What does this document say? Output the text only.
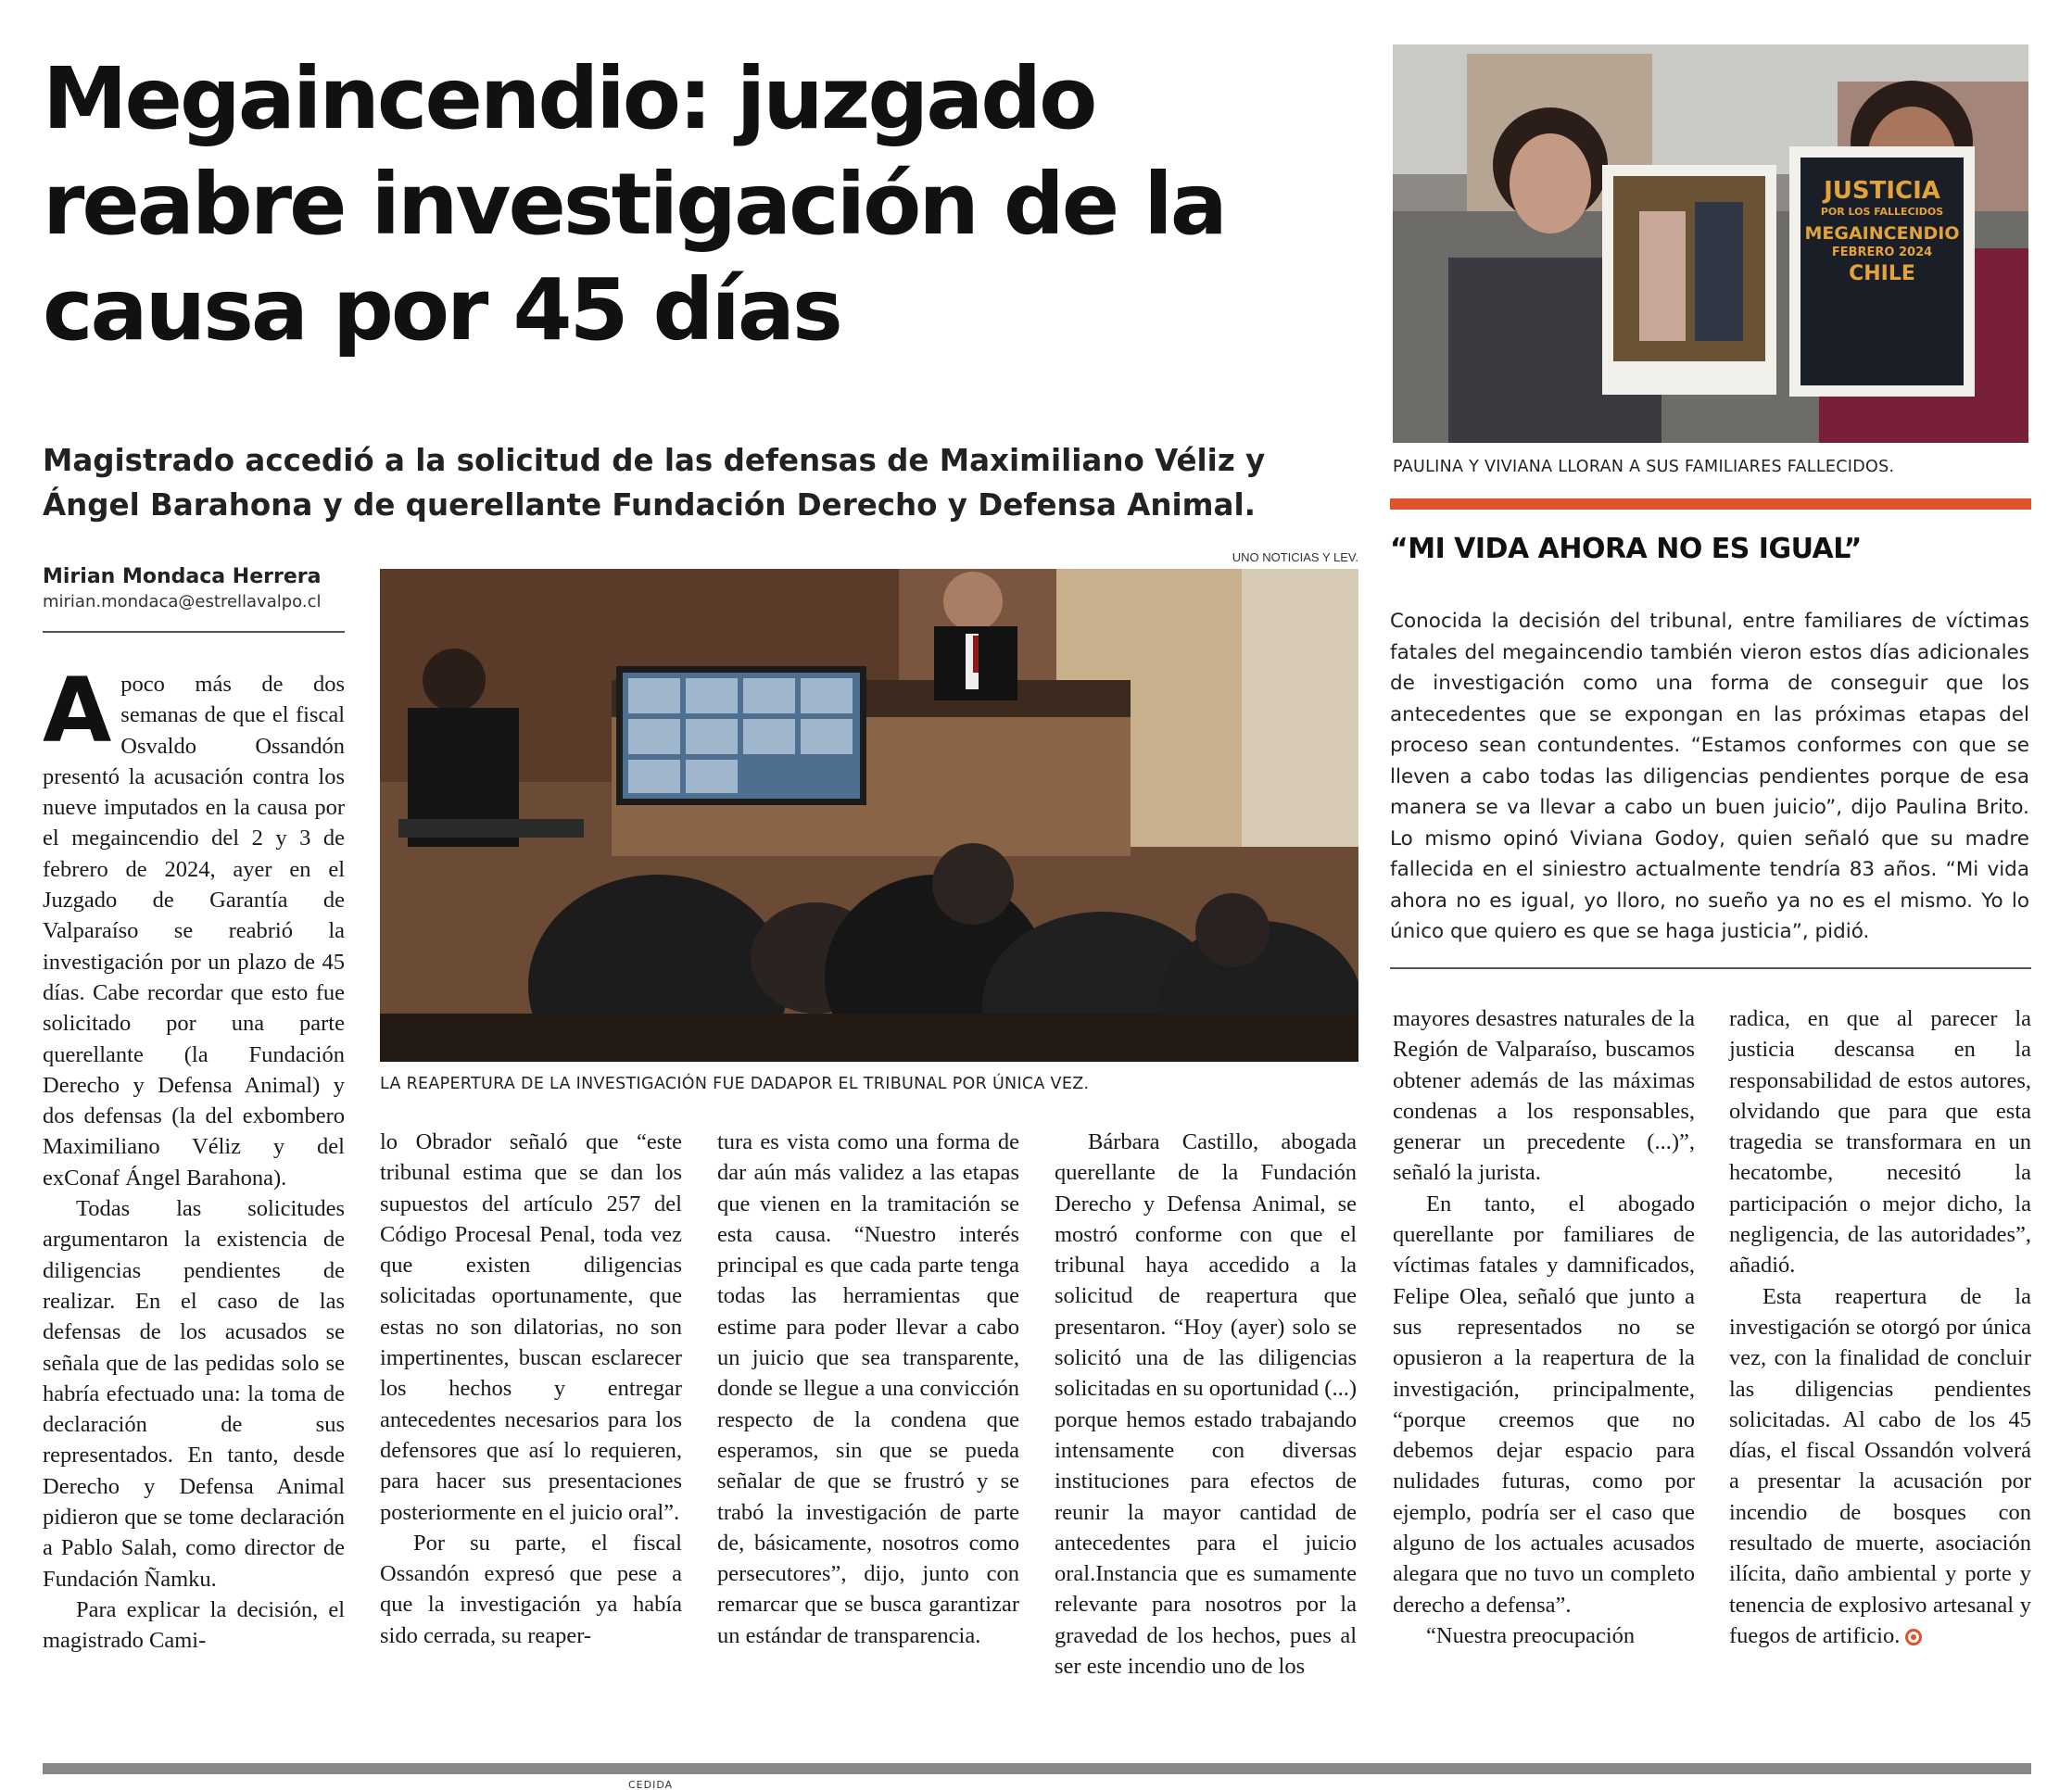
Megaincendio: juzgado reabre investigación de la causa por 45 días
Magistrado accedió a la solicitud de las defensas de Maximiliano Véliz y Ángel Barahona y de querellante Fundación Derecho y Defensa Animal.
Mirian Mondaca Herrera
mirian.mondaca@estrellavalpo.cl
UNO NOTICIAS Y LEV.
LA REAPERTURA DE LA INVESTIGACIÓN FUE DADAPOR EL TRIBUNAL POR ÚNICA VEZ.
JUSTICIA
POR LOS FALLECIDOS
MEGAINCENDIO
FEBRERO 2024
CHILE
PAULINA Y VIVIANA LLORAN A SUS FAMILIARES FALLECIDOS.
“MI VIDA AHORA NO ES IGUAL”
Conocida la decisión del tribunal, entre familiares de víctimas fatales del megaincendio también vieron estos días adicionales de investigación como una forma de conseguir que los antecedentes que se expongan en las próximas etapas del proceso sean contundentes. “Estamos conformes con que se lleven a cabo todas las diligencias pendientes porque de esa manera se va llevar a cabo un buen juicio”, dijo Paulina Brito. Lo mismo opinó Viviana Godoy, quien señaló que su madre fallecida en el siniestro actualmente tendría 83 años. “Mi vida ahora no es igual, yo lloro, no sueño ya no es el mismo. Yo lo único que quiero es que se haga justicia”, pidió.
A poco más de dos semanas de que el fiscal Osvaldo Ossandón presentó la acusación contra los nueve imputados en la causa por el megaincendio del 2 y 3 de febrero de 2024, ayer en el Juzgado de Garantía de Valparaíso se reabrió la investigación por un plazo de 45 días. Cabe recordar que esto fue solicitado por una parte querellante (la Fundación Derecho y Defensa Animal) y dos defensas (la del exbombero Maximiliano Véliz y del exConaf Ángel Barahona).

Todas las solicitudes argumentaron la existencia de diligencias pendientes de realizar. En el caso de las defensas de los acusados se señala que de las pedidas solo se habría efectuado una: la toma de declaración de sus representados. En tanto, desde Derecho y Defensa Animal pidieron que se tome declaración a Pablo Salah, como director de Fundación Ñamku.

Para explicar la decisión, el magistrado Cami-

lo Obrador señaló que “este tribunal estima que se dan los supuestos del artículo 257 del Código Procesal Penal, toda vez que existen diligencias solicitadas oportunamente, que estas no son dilatorias, no son impertinentes, buscan esclarecer los hechos y entregar antecedentes necesarios para los defensores que así lo requieren, para hacer sus presentaciones posteriormente en el juicio oral”.

Por su parte, el fiscal Ossandón expresó que pese a que la investigación ya había sido cerrada, su reaper-

tura es vista como una forma de dar aún más validez a las etapas que vienen en la tramitación se esta causa. “Nuestro interés principal es que cada parte tenga todas las herramientas que estime para poder llevar a cabo un juicio que sea transparente, donde se llegue a una convicción respecto de la condena que esperamos, sin que se pueda señalar de que se frustró y se trabó la investigación de parte de, básicamente, nosotros como persecutores”, dijo, junto con remarcar que se busca garantizar un estándar de transparencia.

Bárbara Castillo, abogada querellante de la Fundación Derecho y Defensa Animal, se mostró conforme con que el tribunal haya accedido a la solicitud de reapertura que presentaron. “Hoy (ayer) solo se solicitó una de las diligencias solicitadas en su oportunidad (...) porque hemos estado trabajando intensamente con diversas instituciones para efectos de reunir la mayor cantidad de antecedentes para el juicio oral.Instancia que es sumamente relevante para nosotros por la gravedad de los hechos, pues al ser este incendio uno de los

mayores desastres naturales de la Región de Valparaíso, buscamos obtener además de las máximas condenas a los responsables, generar un precedente (...)”, señaló la jurista.

En tanto, el abogado querellante por familiares de víctimas fatales y damnificados, Felipe Olea, señaló que junto a sus representados no se opusieron a la reapertura de la investigación, principalmente, “porque creemos que no debemos dejar espacio para nulidades futuras, como por ejemplo, podría ser el caso que alguno de los actuales acusados alegara que no tuvo un completo derecho a defensa”.

“Nuestra preocupación

radica, en que al parecer la justicia descansa en la responsabilidad de estos autores, olvidando que para que esta tragedia se transformara en un hecatombe, necesitó la participación o mejor dicho, la negligencia, de las autoridades”, añadió.

Esta reapertura de la investigación se otorgó por única vez, con la finalidad de concluir las diligencias pendientes solicitadas. Al cabo de los 45 días, el fiscal Ossandón volverá a presentar la acusación por incendio de bosques con resultado de muerte, asociación ilícita, daño ambiental y porte y tenencia de explosivo artesanal y fuegos de artificio.

CEDIDA
